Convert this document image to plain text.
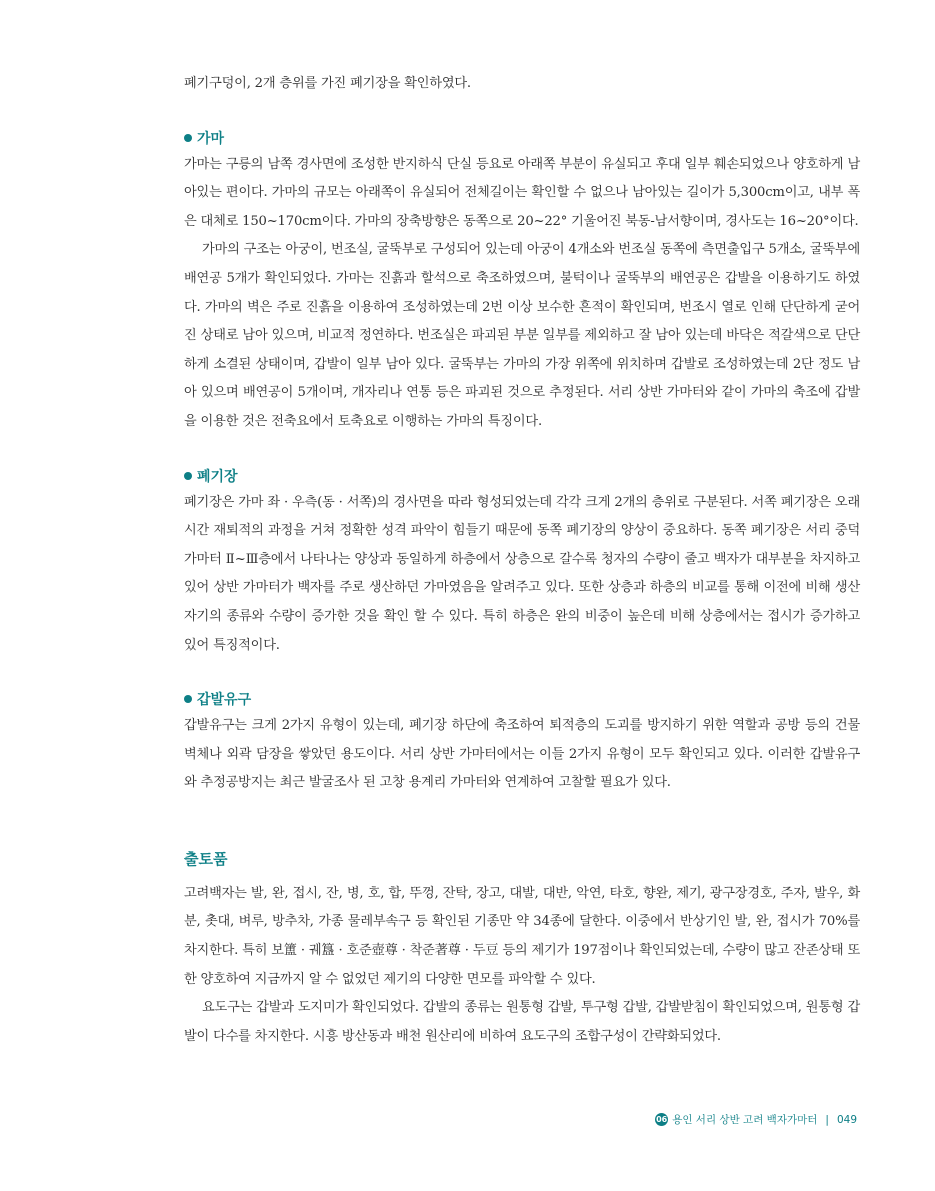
폐기구덩이, 2개 층위를 가진 폐기장을 확인하였다.

가마

가마는 구릉의 남쪽 경사면에 조성한 반지하식 단실 등요로 아래쪽 부분이 유실되고 후대 일부 훼손되었으나 양호하게 남아있는 편이다. 가마의 규모는 아래쪽이 유실되어 전체길이는 확인할 수 없으나 남아있는 길이가 5,300cm이고, 내부 폭은 대체로 150~170cm이다. 가마의 장축방향은 동쪽으로 20~22° 기울어진 북동-남서향이며, 경사도는 16~20°이다.

가마의 구조는 아궁이, 번조실, 굴뚝부로 구성되어 있는데 아궁이 4개소와 번조실 동쪽에 측면출입구 5개소, 굴뚝부에 배연공 5개가 확인되었다. 가마는 진흙과 할석으로 축조하였으며, 불턱이나 굴뚝부의 배연공은 갑발을 이용하기도 하였다. 가마의 벽은 주로 진흙을 이용하여 조성하였는데 2번 이상 보수한 흔적이 확인되며, 번조시 열로 인해 단단하게 굳어진 상태로 남아 있으며, 비교적 정연하다. 번조실은 파괴된 부분 일부를 제외하고 잘 남아 있는데 바닥은 적갈색으로 단단하게 소결된 상태이며, 갑발이 일부 남아 있다. 굴뚝부는 가마의 가장 위쪽에 위치하며 갑발로 조성하였는데 2단 정도 남아 있으며 배연공이 5개이며, 개자리나 연통 등은 파괴된 것으로 추정된다. 서리 상반 가마터와 같이 가마의 축조에 갑발을 이용한 것은 전축요에서 토축요로 이행하는 가마의 특징이다.

폐기장

폐기장은 가마 좌 · 우측(동 · 서쪽)의 경사면을 따라 형성되었는데 각각 크게 2개의 층위로 구분된다. 서쪽 폐기장은 오래시간 재퇴적의 과정을 거쳐 정확한 성격 파악이 힘들기 때문에 동쪽 폐기장의 양상이 중요하다. 동쪽 폐기장은 서리 중덕 가마터 Ⅱ~Ⅲ층에서 나타나는 양상과 동일하게 하층에서 상층으로 갈수록 청자의 수량이 줄고 백자가 대부분을 차지하고 있어 상반 가마터가 백자를 주로 생산하던 가마였음을 알려주고 있다. 또한 상층과 하층의 비교를 통해 이전에 비해 생산 자기의 종류와 수량이 증가한 것을 확인 할 수 있다. 특히 하층은 완의 비중이 높은데 비해 상층에서는 접시가 증가하고 있어 특징적이다.

갑발유구

갑발유구는 크게 2가지 유형이 있는데, 폐기장 하단에 축조하여 퇴적층의 도괴를 방지하기 위한 역할과 공방 등의 건물 벽체나 외곽 담장을 쌓았던 용도이다. 서리 상반 가마터에서는 이들 2가지 유형이 모두 확인되고 있다. 이러한 갑발유구와 추정공방지는 최근 발굴조사 된 고창 용계리 가마터와 연계하여 고찰할 필요가 있다.

출토품

고려백자는 발, 완, 접시, 잔, 병, 호, 합, 뚜껑, 잔탁, 장고, 대발, 대반, 악연, 타호, 향완, 제기, 광구장경호, 주자, 발우, 화분, 촛대, 벼루, 방추차, 가종 물레부속구 등 확인된 기종만 약 34종에 달한다. 이중에서 반상기인 발, 완, 접시가 70%를 차지한다. 특히 보簠 · 궤簋 · 호준壺尊 · 착준著尊 · 두豆 등의 제기가 197점이나 확인되었는데, 수량이 많고 잔존상태 또한 양호하여 지금까지 알 수 없었던 제기의 다양한 면모를 파악할 수 있다.

요도구는 갑발과 도지미가 확인되었다. 갑발의 종류는 원통형 갑발, 투구형 갑발, 갑발받침이 확인되었으며, 원통형 갑발이 다수를 차지한다. 시흥 방산동과 배천 원산리에 비하여 요도구의 조합구성이 간략화되었다.

06 용인 서리 상반 고려 백자가마터 | 049
